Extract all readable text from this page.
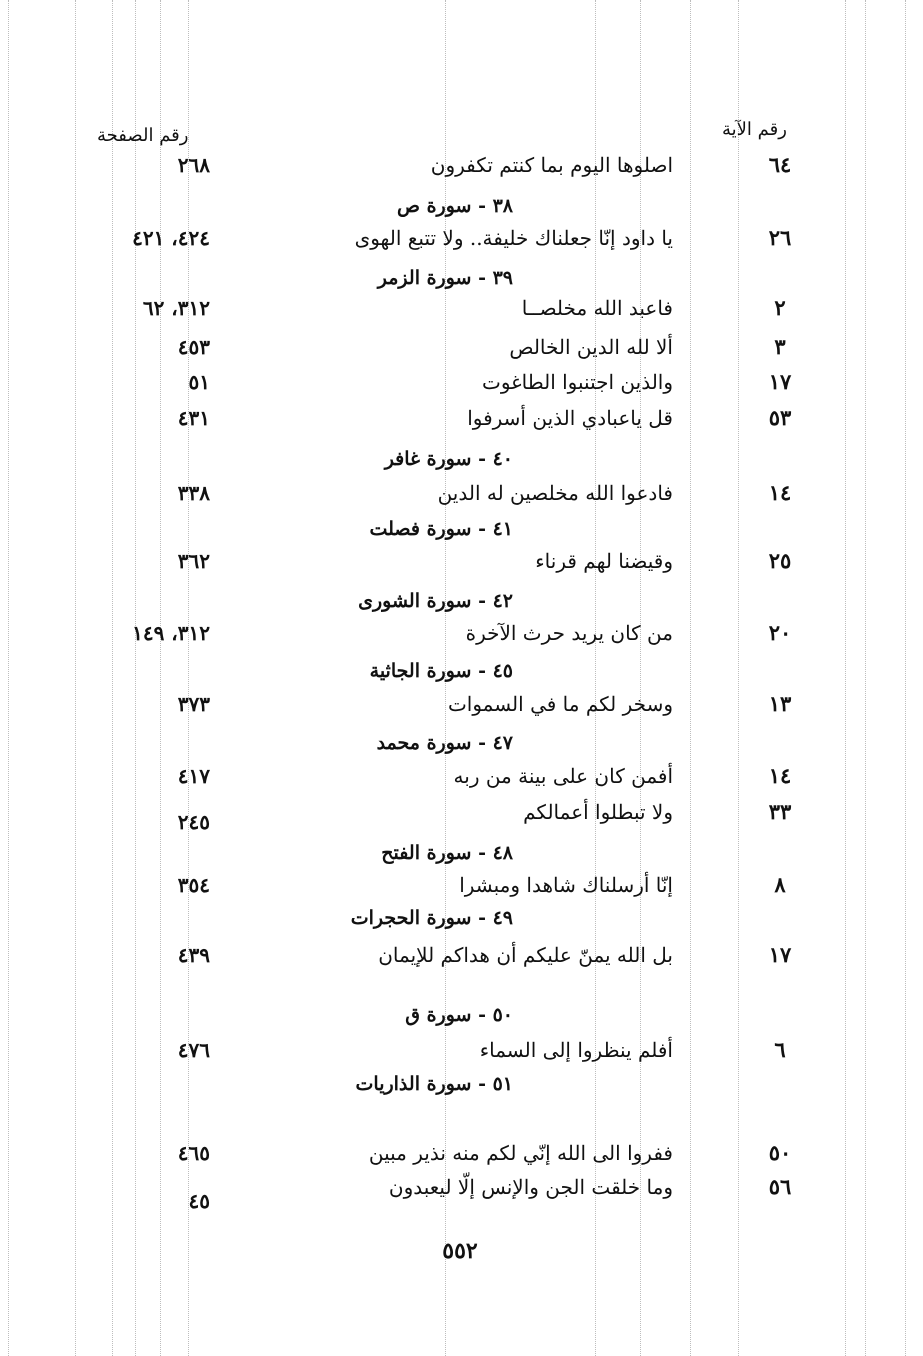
رقم الآية
رقم الصفحة
٦٤
اصلوها اليوم بما كنتم تكفرون
٢٦٨
٣٨ - سورة ص
٢٦
يا داود إنّا جعلناك خليفة.. ولا تتبع الهوى
٤٢٤، ٤٢١
٣٩ - سورة الزمر
٢
فاعبد الله مخلصــا
٣١٢، ٦٢
٣
ألا لله الدين الخالص
٤٥٣
١٧
والذين اجتنبوا الطاغوت
٥١
٥٣
قل ياعبادي الذين أسرفوا
٤٣١
٤٠ - سورة غافر
١٤
فادعوا الله مخلصين له الدين
٣٣٨
٤١ - سورة فصلت
٢٥
وقيضنا لهم قرناء
٣٦٢
٤٢ - سورة الشورى
٢٠
من كان يريد حرث الآخرة
٣١٢، ١٤٩
٤٥ - سورة الجاثية
١٣
وسخر لكم ما في السموات
٣٧٣
٤٧ - سورة محمد
١٤
أفمن كان على بينة من ربه
٤١٧
٣٣
ولا تبطلوا أعمالكم
٢٤٥
٤٨ - سورة الفتح
٨
إنّا أرسلناك شاهدا ومبشرا
٣٥٤
٤٩ - سورة الحجرات
١٧
بل الله يمنّ عليكم أن هداكم للإيمان
٤٣٩
٥٠ - سورة ق
٦
أفلم ينظروا إلى السماء
٤٧٦
٥١ - سورة الذاريات
٥٠
ففروا الى الله إنّي لكم منه نذير مبين
٤٦٥
٥٦
وما خلقت الجن والإنس إلّا ليعبدون
٤٥
٥٥٢
